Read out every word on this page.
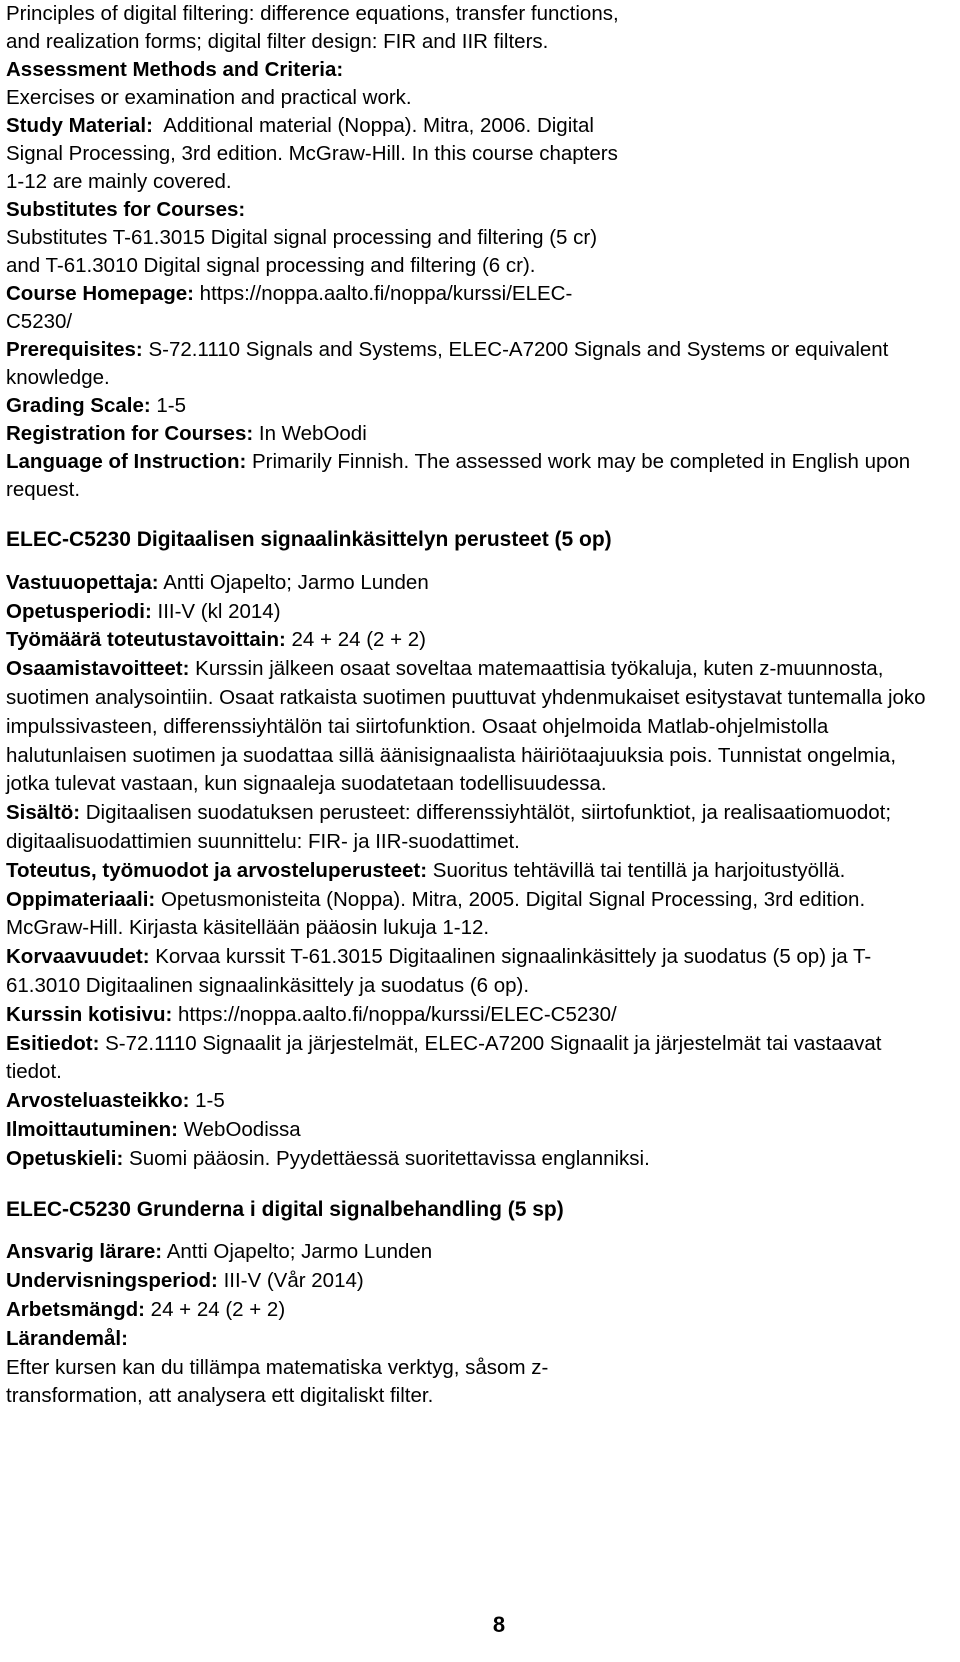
Principles of digital filtering: difference equations, transfer functions, and realization forms; digital filter design: FIR and IIR filters.

Assessment Methods and Criteria:
Exercises or examination and practical work.

Study Material: Additional material (Noppa). Mitra, 2006. Digital Signal Processing, 3rd edition. McGraw-Hill. In this course chapters 1-12 are mainly covered.

Substitutes for Courses:
Substitutes T-61.3015 Digital signal processing and filtering (5 cr) and T-61.3010 Digital signal processing and filtering (6 cr).

Course Homepage: https://noppa.aalto.fi/noppa/kurssi/ELEC-C5230/

Prerequisites: S-72.1110 Signals and Systems, ELEC-A7200 Signals and Systems or equivalent knowledge.

Grading Scale: 1-5

Registration for Courses: In WebOodi

Language of Instruction: Primarily Finnish. The assessed work may be completed in English upon request.

ELEC-C5230 Digitaalisen signaalinkäsittelyn perusteet (5 op)

Vastuuopettaja: Antti Ojapelto; Jarmo Lunden

Opetusperiodi: III-V (kl 2014)

Työmäärä toteutustavoittain: 24 + 24 (2 + 2)

Osaamistavoitteet: Kurssin jälkeen osaat soveltaa matemaattisia työkaluja, kuten z-muunnosta, suotimen analysointiin. Osaat ratkaista suotimen puuttuvat yhdenmukaiset esitystavat tuntemalla joko impulssivasteen, differenssiyhtälön tai siirtofunktion. Osaat ohjelmoida Matlab-ohjelmistolla halutunlaisen suotimen ja suodattaa sillä äänisignaalista häiriötaajuuksia pois. Tunnistat ongelmia, jotka tulevat vastaan, kun signaaleja suodatetaan todellisuudessa.

Sisältö: Digitaalisen suodatuksen perusteet: differenssiyhtälöt, siirtofunktiot, ja realisaatiomuodot; digitaalisuodattimien suunnittelu: FIR- ja IIR-suodattimet.

Toteutus, työmuodot ja arvosteluperusteet: Suoritus tehtävillä tai tentillä ja harjoitustyöllä.

Oppimateriaali: Opetusmonisteita (Noppa). Mitra, 2005. Digital Signal Processing, 3rd edition. McGraw-Hill. Kirjasta käsitellään pääosin lukuja 1-12.

Korvaavuudet: Korvaa kurssit T-61.3015 Digitaalinen signaalinkäsittely ja suodatus (5 op) ja T-61.3010 Digitaalinen signaalinkäsittely ja suodatus (6 op).

Kurssin kotisivu: https://noppa.aalto.fi/noppa/kurssi/ELEC-C5230/

Esitiedot: S-72.1110 Signaalit ja järjestelmät, ELEC-A7200 Signaalit ja järjestelmät tai vastaavat tiedot.

Arvosteluasteikko: 1-5

Ilmoittautuminen: WebOodissa

Opetuskieli: Suomi pääosin. Pyydettäessä suoritettavissa englanniksi.

ELEC-C5230 Grunderna i digital signalbehandling (5 sp)

Ansvarig lärare: Antti Ojapelto; Jarmo Lunden

Undervisningsperiod: III-V (Vår 2014)

Arbetsmängd: 24 + 24 (2 + 2)

Lärandemål:

Efter kursen kan du tillämpa matematiska verktyg, såsom z-transformation, att analysera ett digitaliskt filter.

8
